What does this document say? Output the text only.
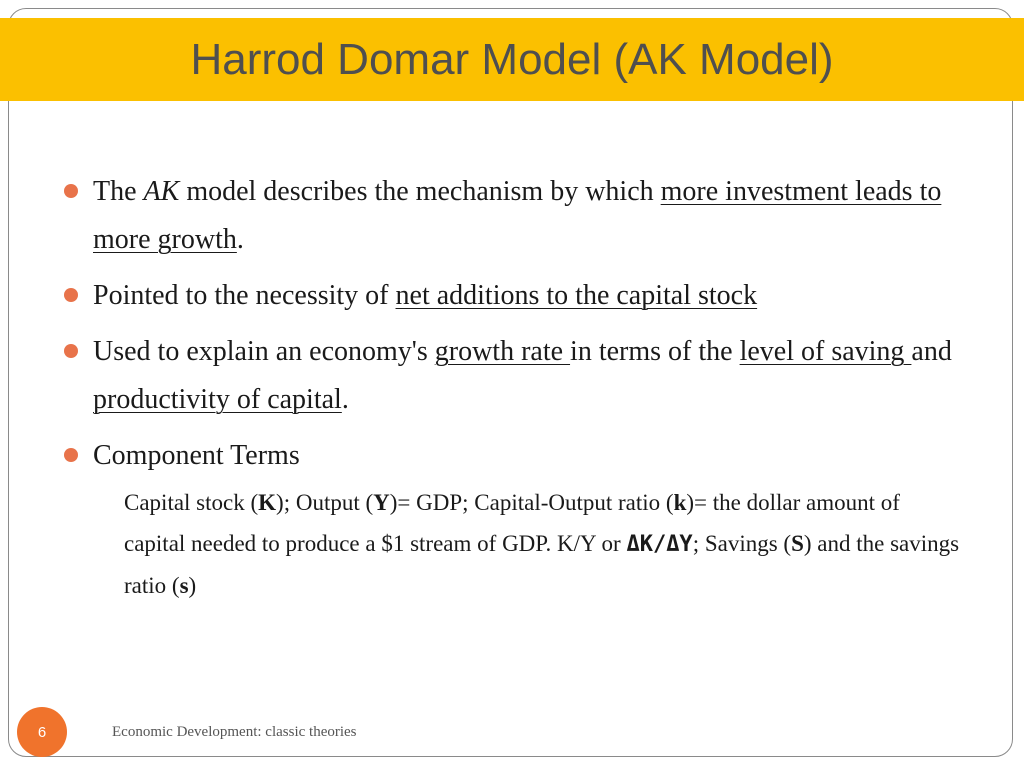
Harrod Domar Model (AK Model)
The AK model describes the mechanism by which more investment leads to more growth.
Pointed to the necessity of net additions to the capital stock
Used to explain an economy's growth rate in terms of the level of saving and productivity of capital.
Component Terms
Capital stock (K); Output (Y)= GDP; Capital-Output ratio (k)= the dollar amount of capital needed to produce a $1 stream of GDP. K/Y or ΔK/ΔY; Savings (S) and the savings ratio (s)
6	Economic Development: classic theories
